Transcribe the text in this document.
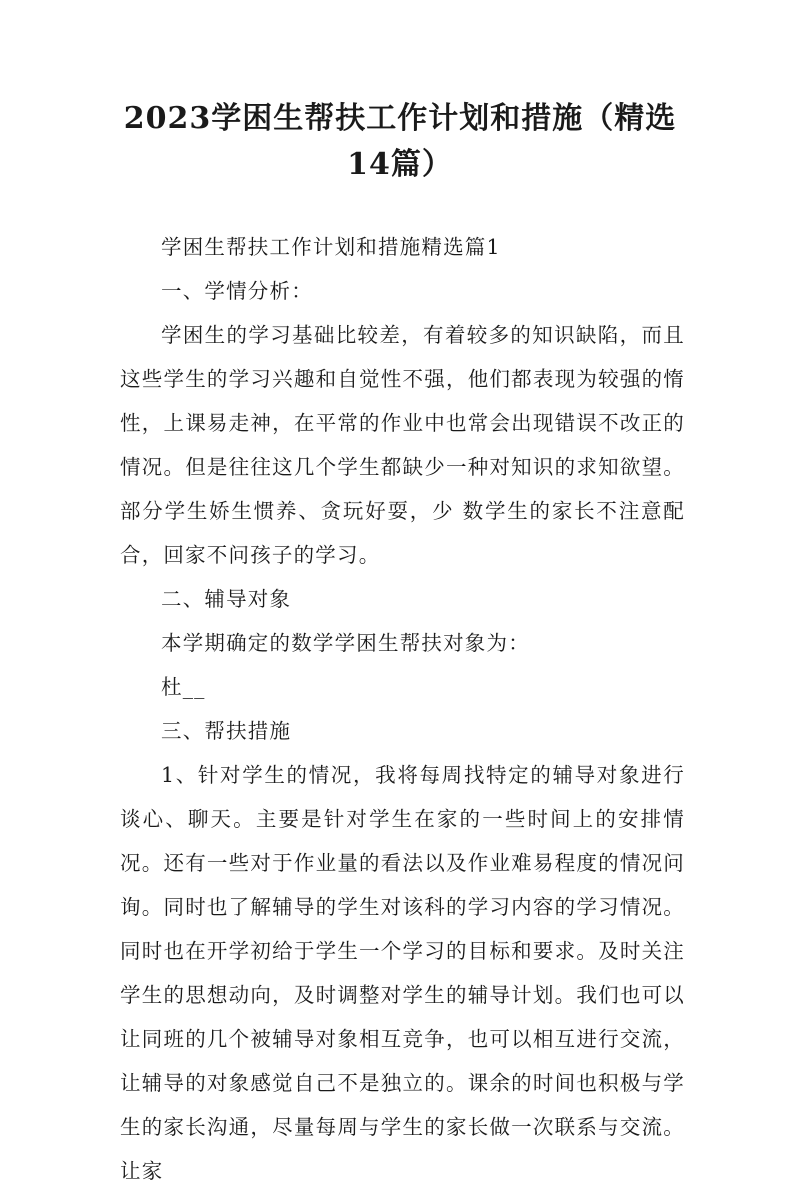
2023学困生帮扶工作计划和措施（精选14篇）

学困生帮扶工作计划和措施精选篇1

一、学情分析：

学困生的学习基础比较差，有着较多的知识缺陷，而且这些学生的学习兴趣和自觉性不强，他们都表现为较强的惰性，上课易走神，在平常的作业中也常会出现错误不改正的情况。但是往往这几个学生都缺少一种对知识的求知欲望。部分学生娇生惯养、贪玩好耍，少 数学生的家长不注意配合，回家不问孩子的学习。

二、辅导对象

本学期确定的数学学困生帮扶对象为：

杜__

三、帮扶措施

1、针对学生的情况，我将每周找特定的辅导对象进行谈心、聊天。主要是针对学生在家的一些时间上的安排情况。还有一些对于作业量的看法以及作业难易程度的情况问询。同时也了解辅导的学生对该科的学习内容的学习情况。同时也在开学初给于学生一个学习的目标和要求。及时关注学生的思想动向，及时调整对学生的辅导计划。我们也可以让同班的几个被辅导对象相互竞争，也可以相互进行交流，让辅导的对象感觉自己不是独立的。课余的时间也积极与学生的家长沟通，尽量每周与学生的家长做一次联系与交流。让家
